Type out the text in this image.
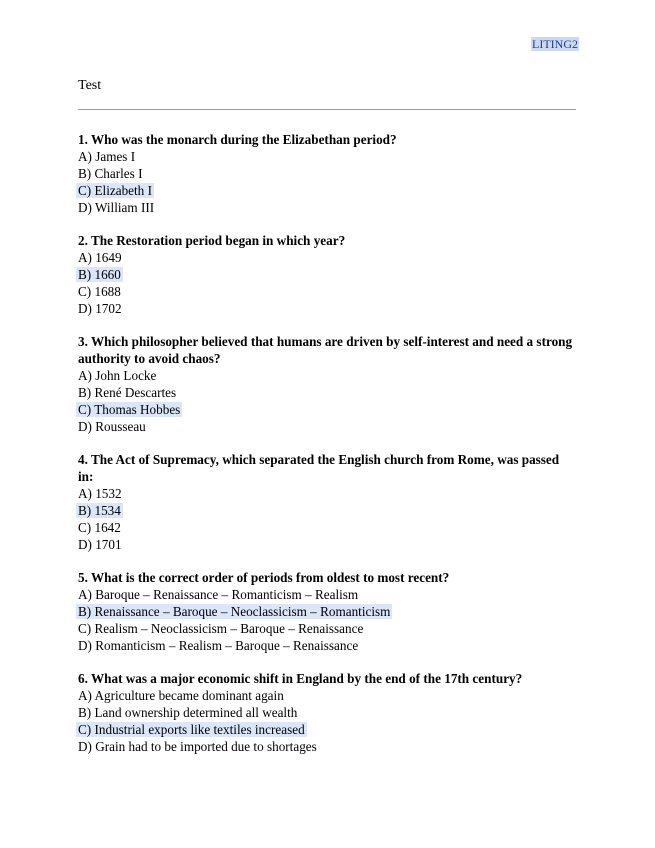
LITING2
Test
1. Who was the monarch during the Elizabethan period?
A) James I
B) Charles I
C) Elizabeth I
D) William III
2. The Restoration period began in which year?
A) 1649
B) 1660
C) 1688
D) 1702
3. Which philosopher believed that humans are driven by self-interest and need a strong authority to avoid chaos?
A) John Locke
B) René Descartes
C) Thomas Hobbes
D) Rousseau
4. The Act of Supremacy, which separated the English church from Rome, was passed in:
A) 1532
B) 1534
C) 1642
D) 1701
5. What is the correct order of periods from oldest to most recent?
A) Baroque – Renaissance – Romanticism – Realism
B) Renaissance – Baroque – Neoclassicism – Romanticism
C) Realism – Neoclassicism – Baroque – Renaissance
D) Romanticism – Realism – Baroque – Renaissance
6. What was a major economic shift in England by the end of the 17th century?
A) Agriculture became dominant again
B) Land ownership determined all wealth
C) Industrial exports like textiles increased
D) Grain had to be imported due to shortages
